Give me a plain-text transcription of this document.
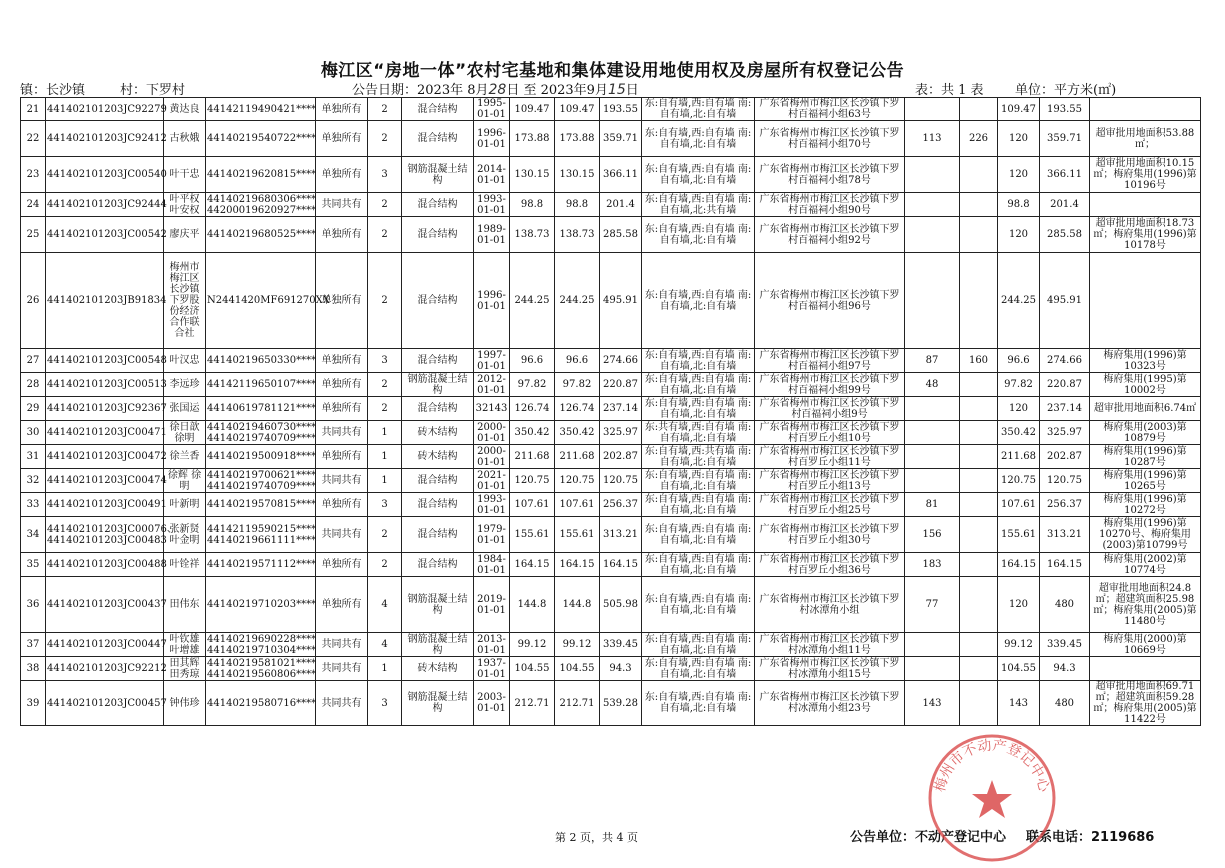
梅江区“房地一体”农村宅基地和集体建设用地使用权及房屋所有权登记公告
镇：长沙镇	村：下罗村	公告日期：2023年 8月28日 至 2023年9月15日	表：共 1 表 单位：平方米(㎡)
21	441402101203JC92279	黄达良	44142119490421****	单独所有	2	混合结构	1995-01-01	109.47	109.47	193.55	东:自有墙,西:自有墙 南:自有墙,北:自有墙	广东省梅州市梅江区长沙镇下罗村百福祠小组63号			109.47	193.55	
22	441402101203JC92412	古秋娥	44140219540722****	单独所有	2	混合结构	1996-01-01	173.88	173.88	359.71	东:自有墙,西:自有墙 南:自有墙,北:自有墙	广东省梅州市梅江区长沙镇下罗村百福祠小组70号	113	226	120	359.71	超审批用地面积53.88㎡；
23	441402101203JC00540	叶干忠	44140219620815****	单独所有	3	钢筋混凝土结构	2014-01-01	130.15	130.15	366.11	东:自有墙,西:自有墙 南:自有墙,北:自有墙	广东省梅州市梅江区长沙镇下罗村百福祠小组78号			120	366.11	超审批用地面积10.15㎡；梅府集用(1996)第10196号
24	441402101203JC92444	叶平权 叶安权	44140219680306**** 44200019620927****	共同共有	2	混合结构	1993-01-01	98.8	98.8	201.4	东:自有墙,西:自有墙 南:自有墙,北:共有墙	广东省梅州市梅江区长沙镇下罗村百福祠小组90号			98.8	201.4	
25	441402101203JC00542	廖庆平	44140219680525****	单独所有	2	混合结构	1989-01-01	138.73	138.73	285.58	东:自有墙,西:自有墙 南:自有墙,北:自有墙	广东省梅州市梅江区长沙镇下罗村百福祠小组92号			120	285.58	超审批用地面积18.73㎡；梅府集用(1996)第10178号
26	441402101203JB91834	梅州市梅江区长沙镇下罗股份经济合作联合社	N2441420MF691270XX	单独所有	2	混合结构	1996-01-01	244.25	244.25	495.91	东:自有墙,西:自有墙 南:自有墙,北:自有墙	广东省梅州市梅江区长沙镇下罗村百福祠小组96号			244.25	495.91	
27	441402101203JC00548	叶汉忠	44140219650330****	单独所有	3	混合结构	1997-01-01	96.6	96.6	274.66	东:自有墙,西:自有墙 南:自有墙,北:自有墙	广东省梅州市梅江区长沙镇下罗村百福祠小组97号	87	160	96.6	274.66	梅府集用(1996)第10323号
28	441402101203JC00513	李远珍	44142119650107****	单独所有	2	钢筋混凝土结构	2012-01-01	97.82	97.82	220.87	东:自有墙,西:自有墙 南:自有墙,北:自有墙	广东省梅州市梅江区长沙镇下罗村百福祠小组99号	48		97.82	220.87	梅府集用(1995)第10002号
29	441402101203JC92367	张国运	44140619781121****	单独所有	2	混合结构	32143	126.74	126.74	237.14	东:自有墙,西:自有墙 南:自有墙,北:自有墙	广东省梅州市梅江区长沙镇下罗村百福祠小组9号			120	237.14	超审批用地面积6.74㎡
30	441402101203JC00471	徐日歆 徐明	44140219460730**** 44140219740709****	共同共有	1	砖木结构	2000-01-01	350.42	350.42	325.97	东:共有墙,西:自有墙 南:自有墙,北:自有墙	广东省梅州市梅江区长沙镇下罗村百罗丘小组10号			350.42	325.97	梅府集用(2003)第10879号
31	441402101203JC00472	徐兰香	44140219500918****	单独所有	1	砖木结构	2000-01-01	211.68	211.68	202.87	东:自有墙,西:共有墙 南:自有墙,北:自有墙	广东省梅州市梅江区长沙镇下罗村百罗丘小组11号			211.68	202.87	梅府集用(1996)第10287号
32	441402101203JC00474	徐辉 徐明	44140219700621**** 44140219740709****	共同共有	1	混合结构	2021-01-01	120.75	120.75	120.75	东:自有墙,西:自有墙 南:自有墙,北:自有墙	广东省梅州市梅江区长沙镇下罗村百罗丘小组13号			120.75	120.75	梅府集用(1996)第10265号
33	441402101203JC00491	叶新明	44140219570815****	单独所有	3	混合结构	1993-01-01	107.61	107.61	256.37	东:自有墙,西:自有墙 南:自有墙,北:自有墙	广东省梅州市梅江区长沙镇下罗村百罗丘小组25号	81		107.61	256.37	梅府集用(1996)第10272号
34	441402101203JC00076、441402101203JC00483	张新贤 叶金明	44142119590215**** 44140219661111****	共同共有	2	混合结构	1979-01-01	155.61	155.61	313.21	东:自有墙,西:自有墙 南:自有墙,北:自有墙	广东省梅州市梅江区长沙镇下罗村百罗丘小组30号	156		155.61	313.21	梅府集用(1996)第10270号、梅府集用(2003)第10799号
35	441402101203JC00488	叶铨祥	44140219571112****	单独所有	2	混合结构	1984-01-01	164.15	164.15	164.15	东:自有墙,西:自有墙 南:自有墙,北:自有墙	广东省梅州市梅江区长沙镇下罗村百罗丘小组36号	183		164.15	164.15	梅府集用(2002)第10774号
36	441402101203JC00437	田伟东	44140219710203****	单独所有	4	钢筋混凝土结构	2019-01-01	144.8	144.8	505.98	东:自有墙,西:自有墙 南:自有墙,北:自有墙	广东省梅州市梅江区长沙镇下罗村冰潭角小组	77		120	480	超审批用地面积24.8㎡；超建筑面积25.98㎡；梅府集用(2005)第11480号
37	441402101203JC00447	叶钦雄 叶增雄	44140219690228**** 44140219710304****	共同共有	4	钢筋混凝土结构	2013-01-01	99.12	99.12	339.45	东:自有墙,西:自有墙 南:自有墙,北:自有墙	广东省梅州市梅江区长沙镇下罗村冰潭角小组11号			99.12	339.45	梅府集用(2000)第10669号
38	441402101203JC92212	田其辉 田秀琼	44140219581021**** 44140219560806****	共同共有	1	砖木结构	1937-01-01	104.55	104.55	94.3	东:自有墙,西:自有墙 南:自有墙,北:自有墙	广东省梅州市梅江区长沙镇下罗村冰潭角小组15号			104.55	94.3	
39	441402101203JC00457	钟伟珍	44140219580716****	共同共有	3	钢筋混凝土结构	2003-01-01	212.71	212.71	539.28	东:自有墙,西:自有墙 南:自有墙,北:自有墙	广东省梅州市梅江区长沙镇下罗村冰潭角小组23号	143		143	480	超审批用地面积69.71㎡；超建筑面积59.28㎡；梅府集用(2005)第11422号
第 2 页，共 4 页	公告单位：不动产登记中心 联系电话：2119686
梅州市不动产登记中心
